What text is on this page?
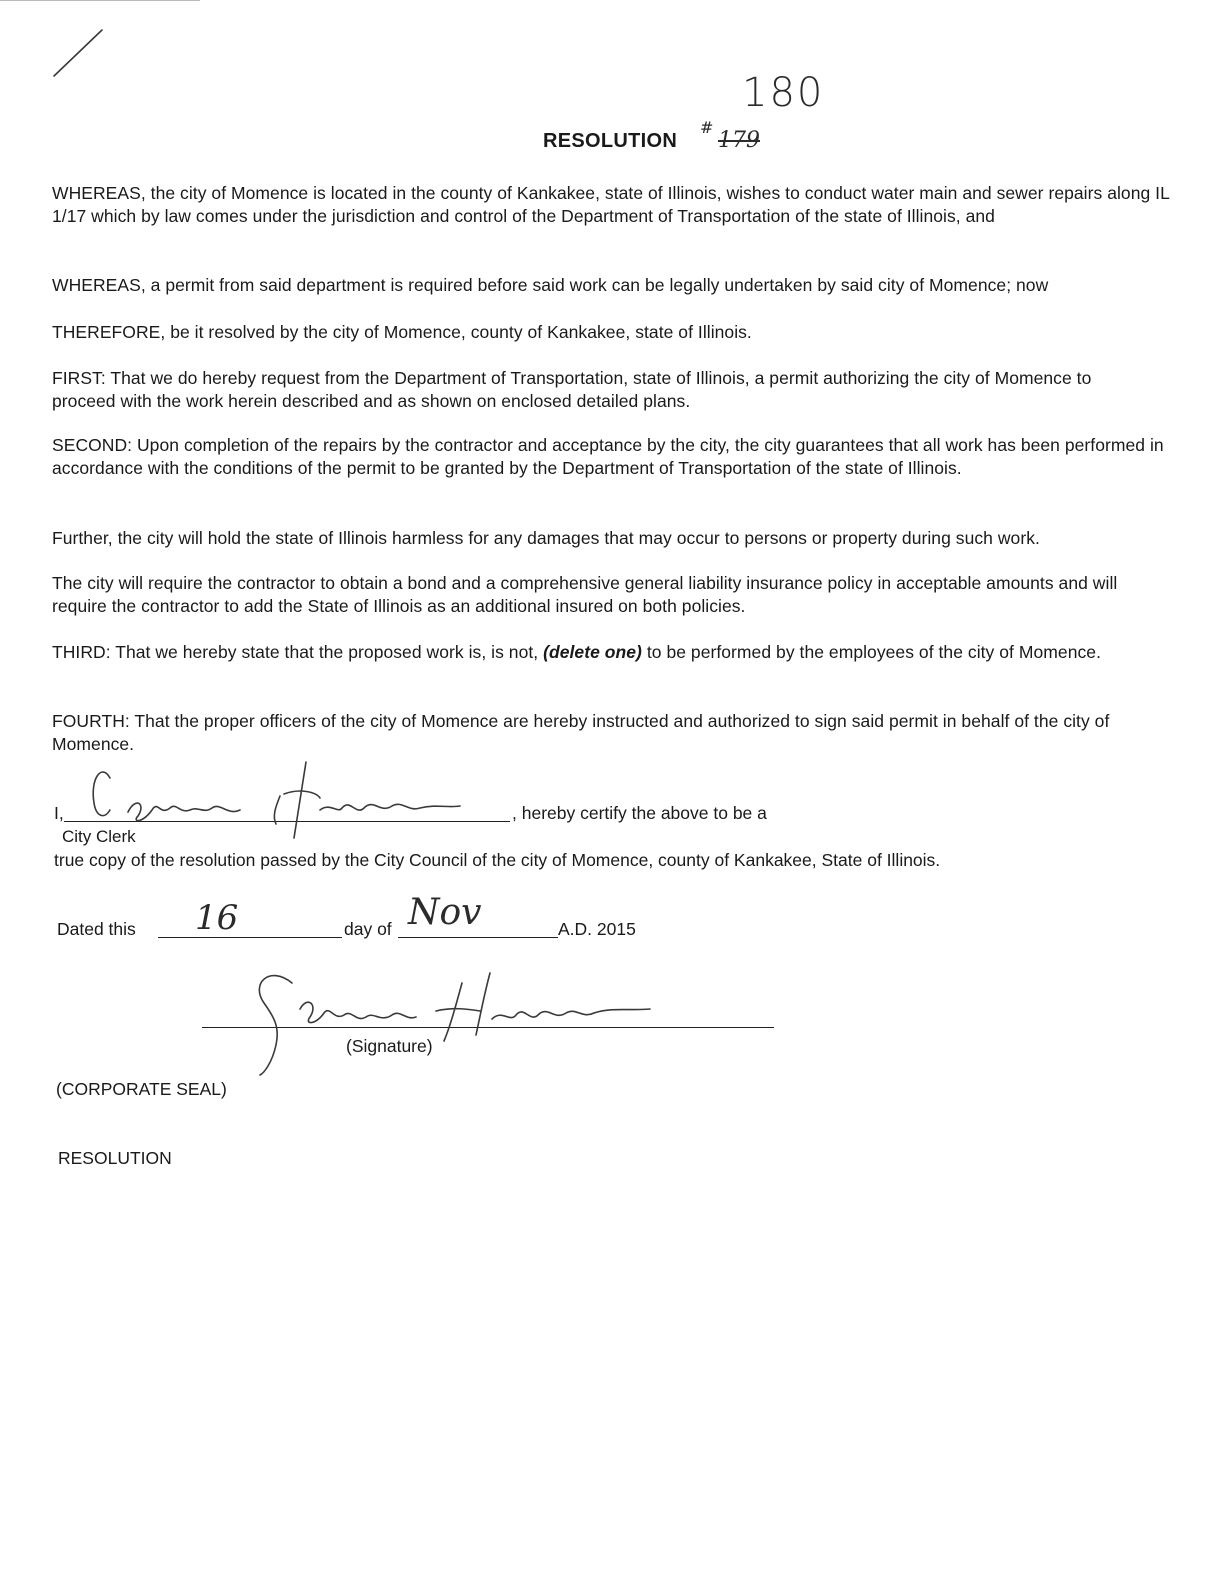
180
RESOLUTION
#
179

WHEREAS, the city of Momence is located in the county of Kankakee, state of Illinois, wishes to conduct water main and sewer repairs along IL 1/17 which by law comes under the jurisdiction and control of the Department of Transportation of the state of Illinois, and

WHEREAS, a permit from said department is required before said work can be legally undertaken by said city of Momence; now

THEREFORE, be it resolved by the city of Momence, county of Kankakee, state of Illinois.

FIRST: That we do hereby request from the Department of Transportation, state of Illinois, a permit authorizing the city of Momence to proceed with the work herein described and as shown on enclosed detailed plans.

SECOND: Upon completion of the repairs by the contractor and acceptance by the city, the city guarantees that all work has been performed in accordance with the conditions of the permit to be granted by the Department of Transportation of the state of Illinois.

Further, the city will hold the state of Illinois harmless for any damages that may occur to persons or property during such work.

The city will require the contractor to obtain a bond and a comprehensive general liability insurance policy in acceptable amounts and will require the contractor to add the State of Illinois as an additional insured on both policies.

THIRD: That we hereby state that the proposed work is, is not, (delete one) to be performed by the employees of the city of Momence.

FOURTH: That the proper officers of the city of Momence are hereby instructed and authorized to sign said permit in behalf of the city of Momence.

I,	, hereby certify the above to be a
City Clerk
true copy of the resolution passed by the City Council of the city of Momence, county of Kankakee, State of Illinois.
Dated this 16	day of Nov	A.D. 2015
(Signature)
(CORPORATE SEAL)
RESOLUTION
